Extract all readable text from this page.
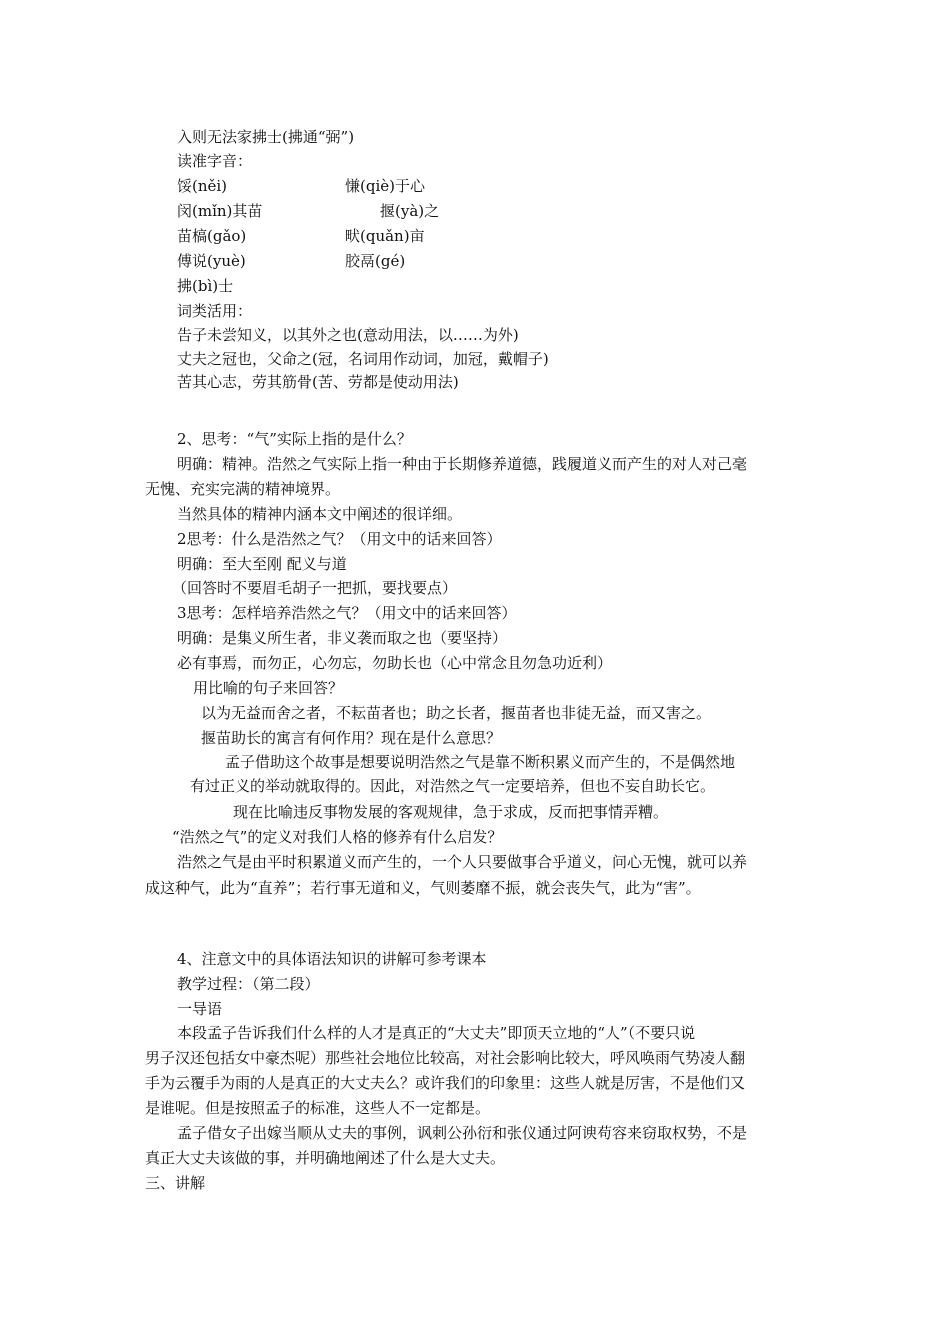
入则无法家拂士(拂通“弼”)
读准字音：
馁(něi)	慊(qiè)于心
闵(mǐn)其苗	揠(yà)之
苗槁(gǎo)	畎(quǎn)亩
傅说(yuè)	胶鬲(gé)
拂(bì)士
词类活用：
告子未尝知义，以其外之也(意动用法，以……为外)
丈夫之冠也，父命之(冠，名词用作动词，加冠，戴帽子)
苦其心志，劳其筋骨(苦、劳都是使动用法)
2、思考：“气”实际上指的是什么？
明确：精神。浩然之气实际上指一种由于长期修养道德，践履道义而产生的对人对己毫
无愧、充实完满的精神境界。
当然具体的精神内涵本文中阐述的很详细。
2思考：什么是浩然之气？（用文中的话来回答）
明确：至大至刚 配义与道
（回答时不要眉毛胡子一把抓，要找要点）
3思考：怎样培养浩然之气？（用文中的话来回答）
明确：是集义所生者，非义袭而取之也（要坚持）
必有事焉，而勿正，心勿忘，勿助长也（心中常念且勿急功近利）
用比喻的句子来回答？
以为无益而舍之者，不耘苗者也；助之长者，揠苗者也非徒无益，而又害之。
揠苗助长的寓言有何作用？现在是什么意思？
孟子借助这个故事是想要说明浩然之气是靠不断积累义而产生的，不是偶然地
有过正义的举动就取得的。因此，对浩然之气一定要培养，但也不妄自助长它。
现在比喻违反事物发展的客观规律，急于求成，反而把事情弄糟。
“浩然之气”的定义对我们人格的修养有什么启发？
浩然之气是由平时积累道义而产生的，一个人只要做事合乎道义，问心无愧，就可以养
成这种气，此为“直养”；若行事无道和义，气则萎靡不振，就会丧失气，此为“害”。
4、注意文中的具体语法知识的讲解可参考课本
教学过程：（第二段）
一导语
本段孟子告诉我们什么样的人才是真正的“大丈夫”即顶天立地的“人”（不要只说
男子汉还包括女中豪杰呢）那些社会地位比较高，对社会影响比较大，呼风唤雨气势凌人翻
手为云覆手为雨的人是真正的大丈夫么？或许我们的印象里：这些人就是厉害，不是他们又
是谁呢。但是按照孟子的标准，这些人不一定都是。
孟子借女子出嫁当顺从丈夫的事例，讽刺公孙衍和张仪通过阿谀苟容来窃取权势，不是
真正大丈夫该做的事，并明确地阐述了什么是大丈夫。
三、讲解
